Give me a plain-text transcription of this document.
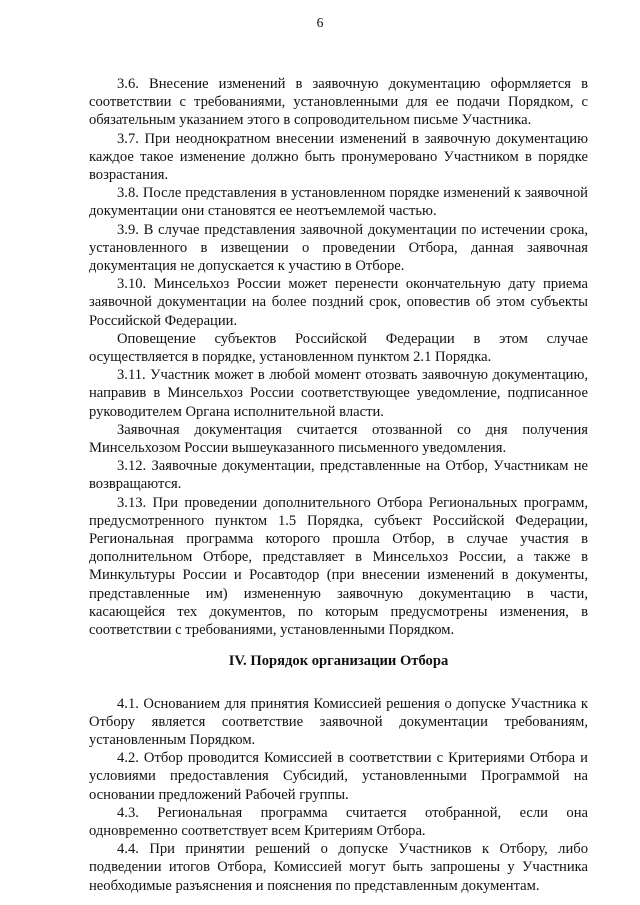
6

3.6. Внесение изменений в заявочную документацию оформляется в соответствии с требованиями, установленными для ее подачи Порядком, с обязательным указанием этого в сопроводительном письме Участника.

3.7. При неоднократном внесении изменений в заявочную документацию каждое такое изменение должно быть пронумеровано Участником в порядке возрастания.

3.8. После представления в установленном порядке изменений к заявочной документации они становятся ее неотъемлемой частью.

3.9. В случае представления заявочной документации по истечении срока, установленного в извещении о проведении Отбора, данная заявочная документация не допускается к участию в Отборе.

3.10. Минсельхоз России может перенести окончательную дату приема заявочной документации на более поздний срок, оповестив об этом субъекты Российской Федерации.

Оповещение субъектов Российской Федерации в этом случае осуществляется в порядке, установленном пунктом 2.1 Порядка.

3.11. Участник может в любой момент отозвать заявочную документацию, направив в Минсельхоз России соответствующее уведомление, подписанное руководителем Органа исполнительной власти.

Заявочная документация считается отозванной со дня получения Минсельхозом России вышеуказанного письменного уведомления.

3.12. Заявочные документации, представленные на Отбор, Участникам не возвращаются.

3.13. При проведении дополнительного Отбора Региональных программ, предусмотренного пунктом 1.5 Порядка, субъект Российской Федерации, Региональная программа которого прошла Отбор, в случае участия в дополнительном Отборе, представляет в Минсельхоз России, а также в Минкультуры России и Росавтодор (при внесении изменений в документы, представленные им) измененную заявочную документацию в части, касающейся тех документов, по которым предусмотрены изменения, в соответствии с требованиями, установленными Порядком.

IV. Порядок организации Отбора

4.1. Основанием для принятия Комиссией решения о допуске Участника к Отбору является соответствие заявочной документации требованиям, установленным Порядком.

4.2. Отбор проводится Комиссией в соответствии с Критериями Отбора и условиями предоставления Субсидий, установленными Программой на основании предложений Рабочей группы.

4.3. Региональная программа считается отобранной, если она одновременно соответствует всем Критериям Отбора.

4.4. При принятии решений о допуске Участников к Отбору, либо подведении итогов Отбора, Комиссией могут быть запрошены у Участника необходимые разъяснения и пояснения по представленным документам.
